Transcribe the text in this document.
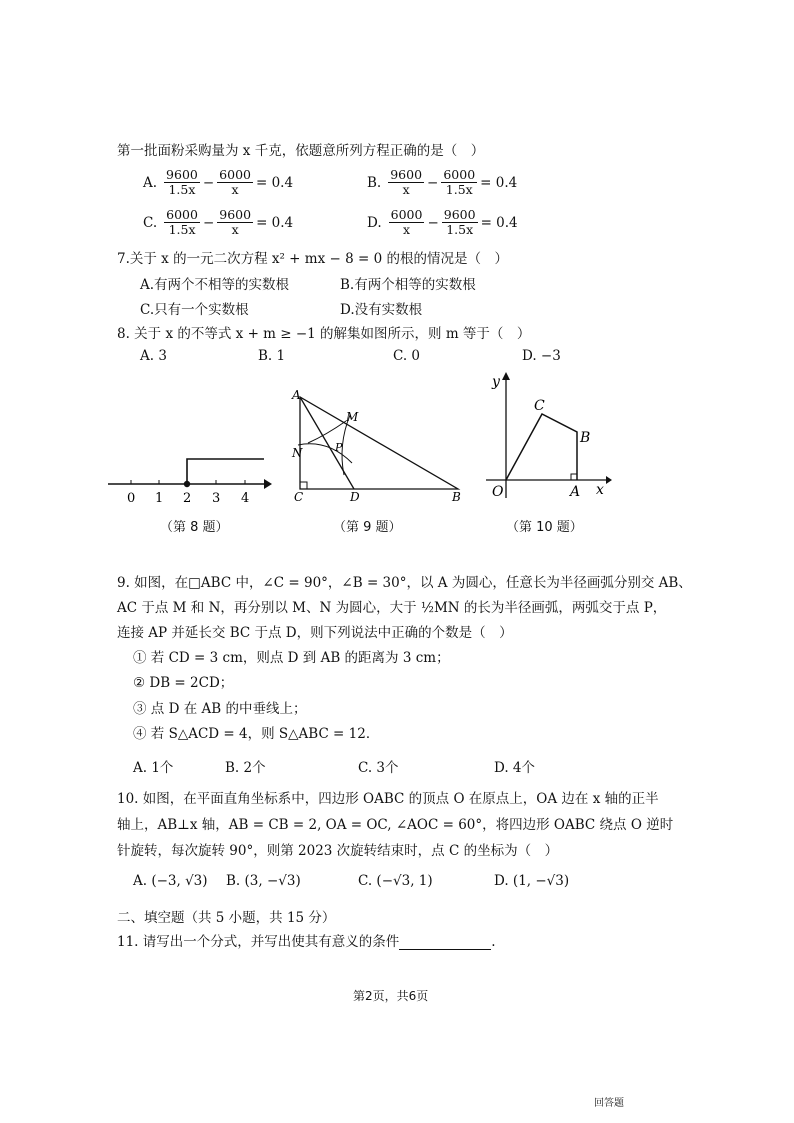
第一批面粉采购量为 x 千克，依题意所列方程正确的是（　）
A. $\frac{9600}{1.5x} - \frac{6000}{x} = 0.4$	B. $\frac{9600}{x} - \frac{6000}{1.5x} = 0.4$
C. $\frac{6000}{1.5x} - \frac{9600}{x} = 0.4$	D. $\frac{6000}{x} - \frac{9600}{1.5x} = 0.4$
7.关于 x 的一元二次方程 x² + mx − 8 = 0 的根的情况是（　）
A.有两个不相等的实数根	B.有两个相等的实数根
C.只有一个实数根	D.没有实数根
8. 关于 x 的不等式 x + m ≥ −1 的解集如图所示，则 m 等于（　）
A. 3	B. 1	C. 0	D. −3
0 1 2 3 4
（第 8 题）
A
M
P
N
C	D	B
（第 9 题）
y
C
B
O	A x
（第 10 题）
9. 如图，在□ABC 中，∠C = 90°，∠B = 30°，以 A 为圆心，任意长为半径画弧分别交 AB、
AC 于点 M 和 N，再分别以 M、N 为圆心，大于 ½MN 的长为半径画弧，两弧交于点 P，
连接 AP 并延长交 BC 于点 D，则下列说法中正确的个数是（　）
① 若 CD = 3 cm，则点 D 到 AB 的距离为 3 cm；
② DB = 2CD；
③ 点 D 在 AB 的中垂线上；
④ 若 S△ACD = 4，则 S△ABC = 12．
A. 1个	B. 2个	C. 3个	D. 4个
10. 如图，在平面直角坐标系中，四边形 OABC 的顶点 O 在原点上，OA 边在 x 轴的正半
轴上，AB⊥x 轴，AB = CB = 2, OA = OC, ∠AOC = 60°，将四边形 OABC 绕点 O 逆时
针旋转，每次旋转 90°，则第 2023 次旋转结束时，点 C 的坐标为（　）
A. (−3, √3) B. (3, −√3)	C. (−√3, 1)	D. (1, −√3)
二、填空题（共 5 小题，共 15 分）
11. 请写出一个分式，并写出使其有意义的条件	.
第2页，共6页
回答题
